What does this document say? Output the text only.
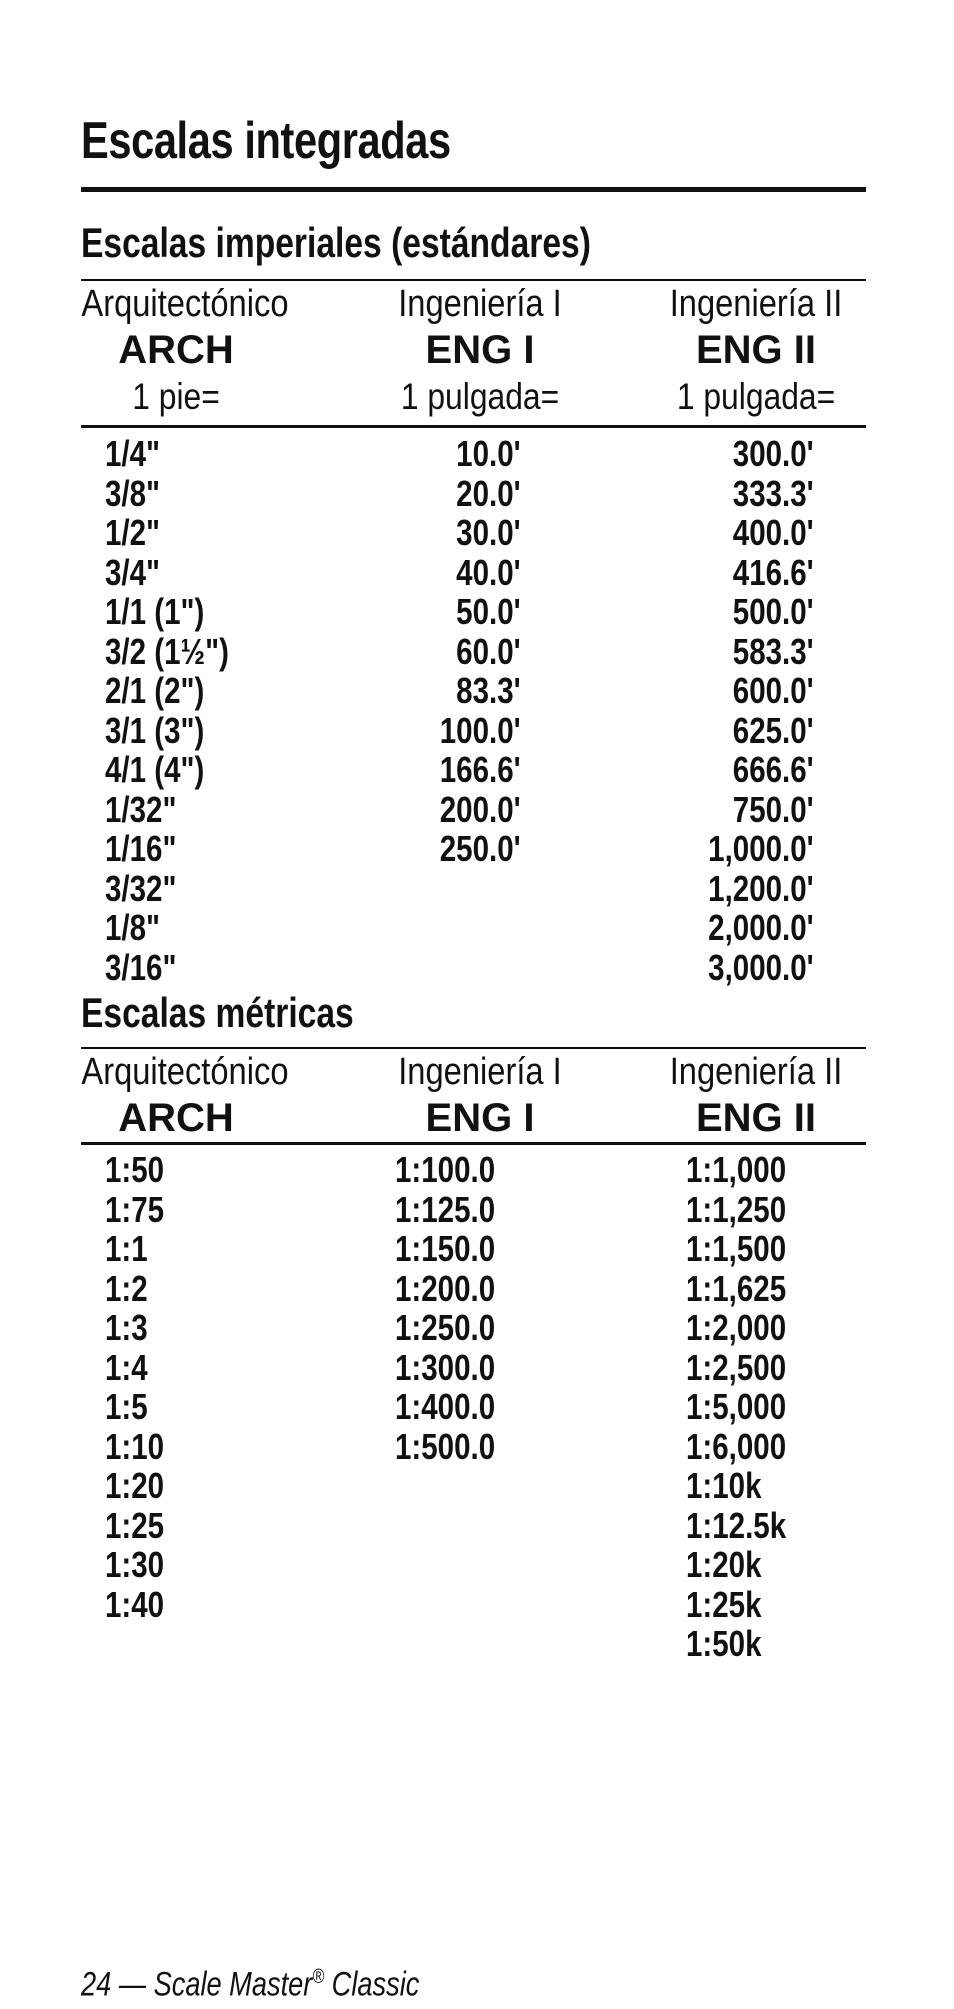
Escalas integradas
Escalas imperiales (estándares)
Arquitectónico
ARCH
1 pie=
Ingeniería I
ENG I
1 pulgada=
Ingeniería II
ENG II
1 pulgada=
1/4"
3/8"
1/2"
3/4"
1/1 (1")
3/2 (1½")
2/1 (2")
3/1 (3")
4/1 (4")
1/32"
1/16"
3/32"
1/8"
3/16"
10.0'
20.0'
30.0'
40.0'
50.0'
60.0'
83.3'
100.0'
166.6'
200.0'
250.0'
300.0'
333.3'
400.0'
416.6'
500.0'
583.3'
600.0'
625.0'
666.6'
750.0'
1,000.0'
1,200.0'
2,000.0'
3,000.0'
Escalas métricas
Arquitectónico
ARCH
Ingeniería I
ENG I
Ingeniería II
ENG II
1:50
1:75
1:1
1:2
1:3
1:4
1:5
1:10
1:20
1:25
1:30
1:40
1:100.0
1:125.0
1:150.0
1:200.0
1:250.0
1:300.0
1:400.0
1:500.0
1:1,000
1:1,250
1:1,500
1:1,625
1:2,000
1:2,500
1:5,000
1:6,000
1:10k
1:12.5k
1:20k
1:25k
1:50k
24 — Scale Master® Classic
